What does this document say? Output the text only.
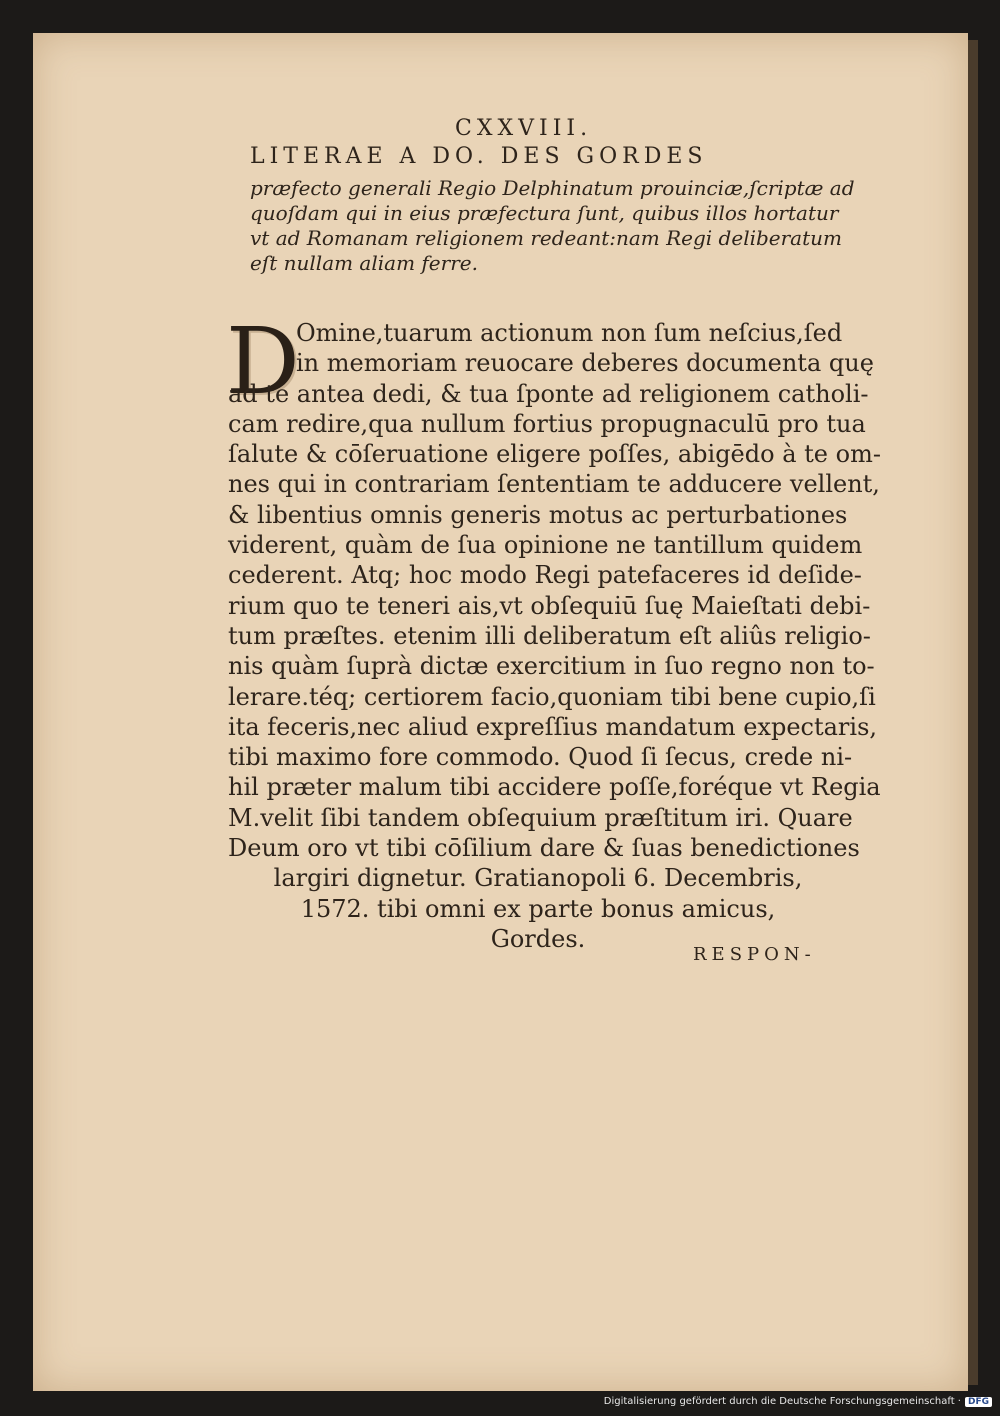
CXXVIII.
LITERAE A DO. DES GORDES
præfecto generali Regio Delphinatum prouinciæ,ſcriptæ ad
quoſdam qui in eius præfectura ſunt, quibus illos hortatur
vt ad Romanam religionem redeant:nam Regi deliberatum
eſt nullam aliam ferre.
D
Omine,tuarum actionum non ſum neſcius,ſed
in memoriam reuocare deberes documenta quę
ad te antea dedi, & tua ſponte ad religionem catholi-
cam redire,qua nullum fortius propugnaculū pro tua
ſalute & cōſeruatione eligere poſſes, abigēdo à te om-
nes qui in contrariam ſententiam te adducere vellent,
& libentius omnis generis motus ac perturbationes
viderent, quàm de ſua opinione ne tantillum quidem
cederent. Atq; hoc modo Regi patefaceres id deſide-
rium quo te teneri ais,vt obſequiū ſuę Maieſtati debi-
tum præſtes. etenim illi deliberatum eſt aliûs religio-
nis quàm ſuprà dictæ exercitium in ſuo regno non to-
lerare.téq; certiorem facio,quoniam tibi bene cupio,ſi
ita feceris,nec aliud expreſſius mandatum expectaris,
tibi maximo fore commodo. Quod ſi ſecus, crede ni-
hil præter malum tibi accidere poſſe,foréque vt Regia
M.velit ſibi tandem obſequium præſtitum iri. Quare
Deum oro vt tibi cōſilium dare & ſuas benedictiones
largiri dignetur. Gratianopoli 6. Decembris,
1572. tibi omni ex parte bonus amicus,
Gordes.
RESPON-
Digitalisierung gefördert durch die Deutsche Forschungsgemeinschaft · DFG
